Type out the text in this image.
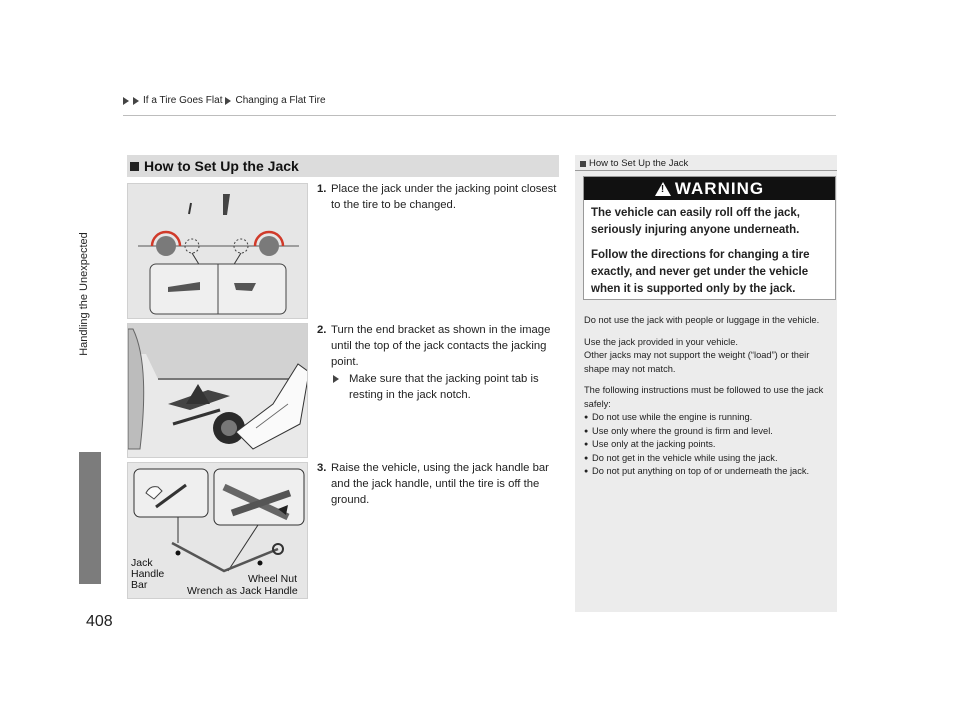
If a Tire Goes Flat Changing a Flat Tire
Handling the Unexpected
408
How to Set Up the Jack
Jack
Handle
Bar	Wheel Nut
Wrench as Jack Handle
1. Place the jack under the jacking point closest to the tire to be changed.
2. Turn the end bracket as shown in the image until the top of the jack contacts the jacking point.
Make sure that the jacking point tab is resting in the jack notch.
3. Raise the vehicle, using the jack handle bar and the jack handle, until the tire is off the ground.
How to Set Up the Jack
!
WARNING

The vehicle can easily roll off the jack, seriously injuring anyone underneath.

Follow the directions for changing a tire exactly, and never get under the vehicle when it is supported only by the jack.

Do not use the jack with people or luggage in the vehicle.

Use the jack provided in your vehicle.
Other jacks may not support the weight (“load”) or their shape may not match.

The following instructions must be followed to use the jack safely:

● Do not use while the engine is running.
● Use only where the ground is firm and level.
● Use only at the jacking points.
● Do not get in the vehicle while using the jack.
● Do not put anything on top of or underneath the jack.
